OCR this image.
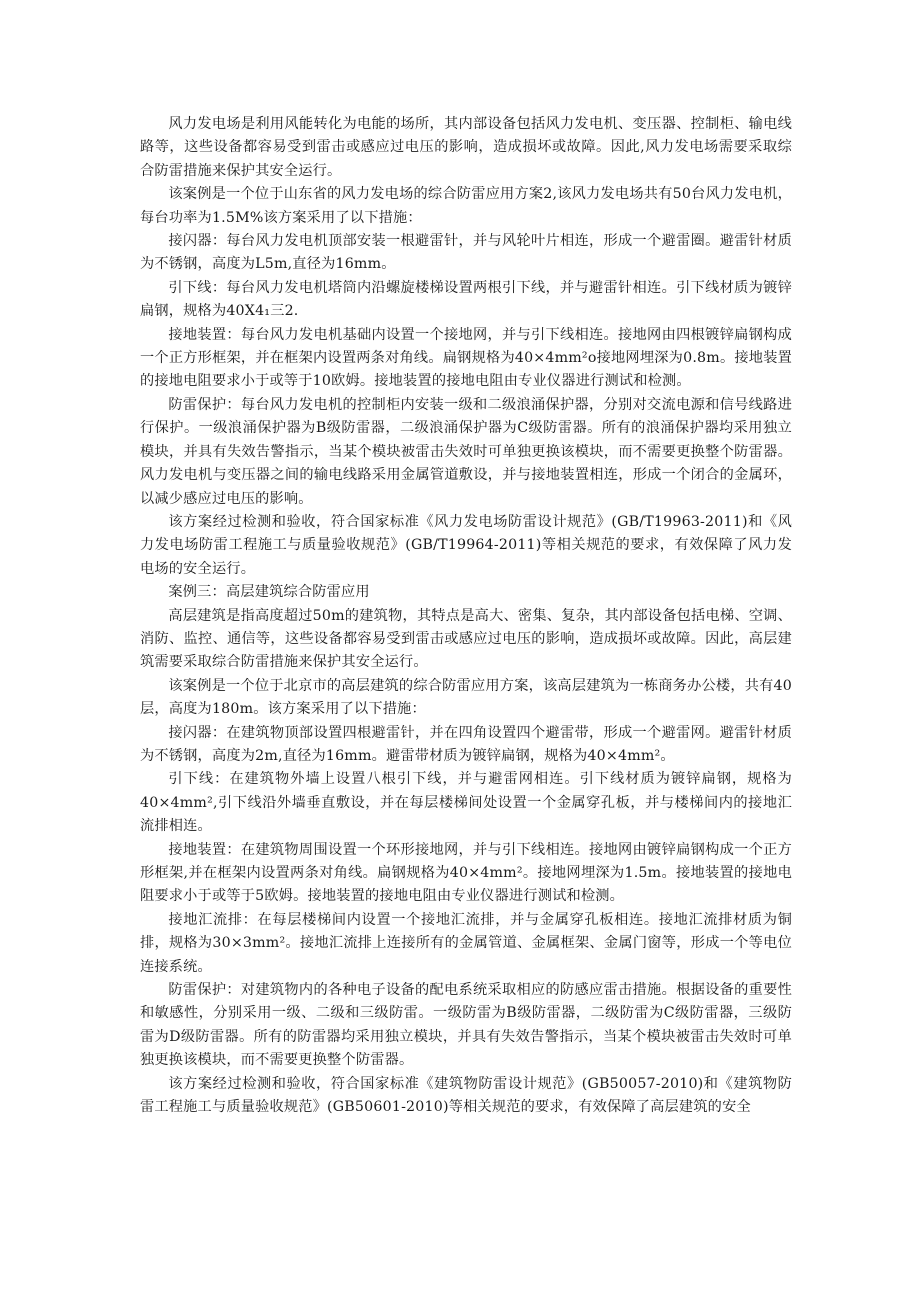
风力发电场是利用风能转化为电能的场所，其内部设备包括风力发电机、变压器、控制柜、输电线路等，这些设备都容易受到雷击或感应过电压的影响，造成损坏或故障。因此,风力发电场需要采取综合防雷措施来保护其安全运行。

该案例是一个位于山东省的风力发电场的综合防雷应用方案2,该风力发电场共有50台风力发电机，每台功率为1.5M%该方案采用了以下措施：

接闪器：每台风力发电机顶部安装一根避雷针，并与风轮叶片相连，形成一个避雷圈。避雷针材质为不锈钢，高度为L5m,直径为16mm。

引下线：每台风力发电机塔筒内沿螺旋楼梯设置两根引下线，并与避雷针相连。引下线材质为镀锌扁钢，规格为40X4₁三2.

接地装置：每台风力发电机基础内设置一个接地网，并与引下线相连。接地网由四根镀锌扁钢构成一个正方形框架，并在框架内设置两条对角线。扁钢规格为40×4mm²o接地网埋深为0.8m。接地装置的接地电阻要求小于或等于10欧姆。接地装置的接地电阻由专业仪器进行测试和检测。

防雷保护：每台风力发电机的控制柜内安装一级和二级浪涌保护器，分别对交流电源和信号线路进行保护。一级浪涌保护器为B级防雷器，二级浪涌保护器为C级防雷器。所有的浪涌保护器均采用独立模块，并具有失效告警指示，当某个模块被雷击失效时可单独更换该模块，而不需要更换整个防雷器。风力发电机与变压器之间的输电线路采用金属管道敷设，并与接地装置相连，形成一个闭合的金属环，以减少感应过电压的影响。

该方案经过检测和验收，符合国家标准《风力发电场防雷设计规范》(GB/T19963-2011)和《风力发电场防雷工程施工与质量验收规范》(GB/T19964-2011)等相关规范的要求，有效保障了风力发电场的安全运行。

案例三：高层建筑综合防雷应用

高层建筑是指高度超过50m的建筑物，其特点是高大、密集、复杂，其内部设备包括电梯、空调、消防、监控、通信等，这些设备都容易受到雷击或感应过电压的影响，造成损坏或故障。因此，高层建筑需要采取综合防雷措施来保护其安全运行。

该案例是一个位于北京市的高层建筑的综合防雷应用方案，该高层建筑为一栋商务办公楼，共有40层，高度为180m。该方案采用了以下措施：

接闪器：在建筑物顶部设置四根避雷针，并在四角设置四个避雷带，形成一个避雷网。避雷针材质为不锈钢，高度为2m,直径为16mm。避雷带材质为镀锌扁钢，规格为40×4mm²。

引下线：在建筑物外墙上设置八根引下线，并与避雷网相连。引下线材质为镀锌扁钢，规格为40×4mm²,引下线沿外墙垂直敷设，并在每层楼梯间处设置一个金属穿孔板，并与楼梯间内的接地汇流排相连。

接地装置：在建筑物周围设置一个环形接地网，并与引下线相连。接地网由镀锌扁钢构成一个正方形框架,并在框架内设置两条对角线。扁钢规格为40×4mm²。接地网埋深为1.5m。接地装置的接地电阻要求小于或等于5欧姆。接地装置的接地电阻由专业仪器进行测试和检测。

接地汇流排：在每层楼梯间内设置一个接地汇流排，并与金属穿孔板相连。接地汇流排材质为铜排，规格为30×3mm²。接地汇流排上连接所有的金属管道、金属框架、金属门窗等，形成一个等电位连接系统。

防雷保护：对建筑物内的各种电子设备的配电系统采取相应的防感应雷击措施。根据设备的重要性和敏感性，分别采用一级、二级和三级防雷。一级防雷为B级防雷器，二级防雷为C级防雷器，三级防雷为D级防雷器。所有的防雷器均采用独立模块，并具有失效告警指示，当某个模块被雷击失效时可单独更换该模块，而不需要更换整个防雷器。

该方案经过检测和验收，符合国家标准《建筑物防雷设计规范》(GB50057-2010)和《建筑物防雷工程施工与质量验收规范》(GB50601-2010)等相关规范的要求，有效保障了高层建筑的安全
